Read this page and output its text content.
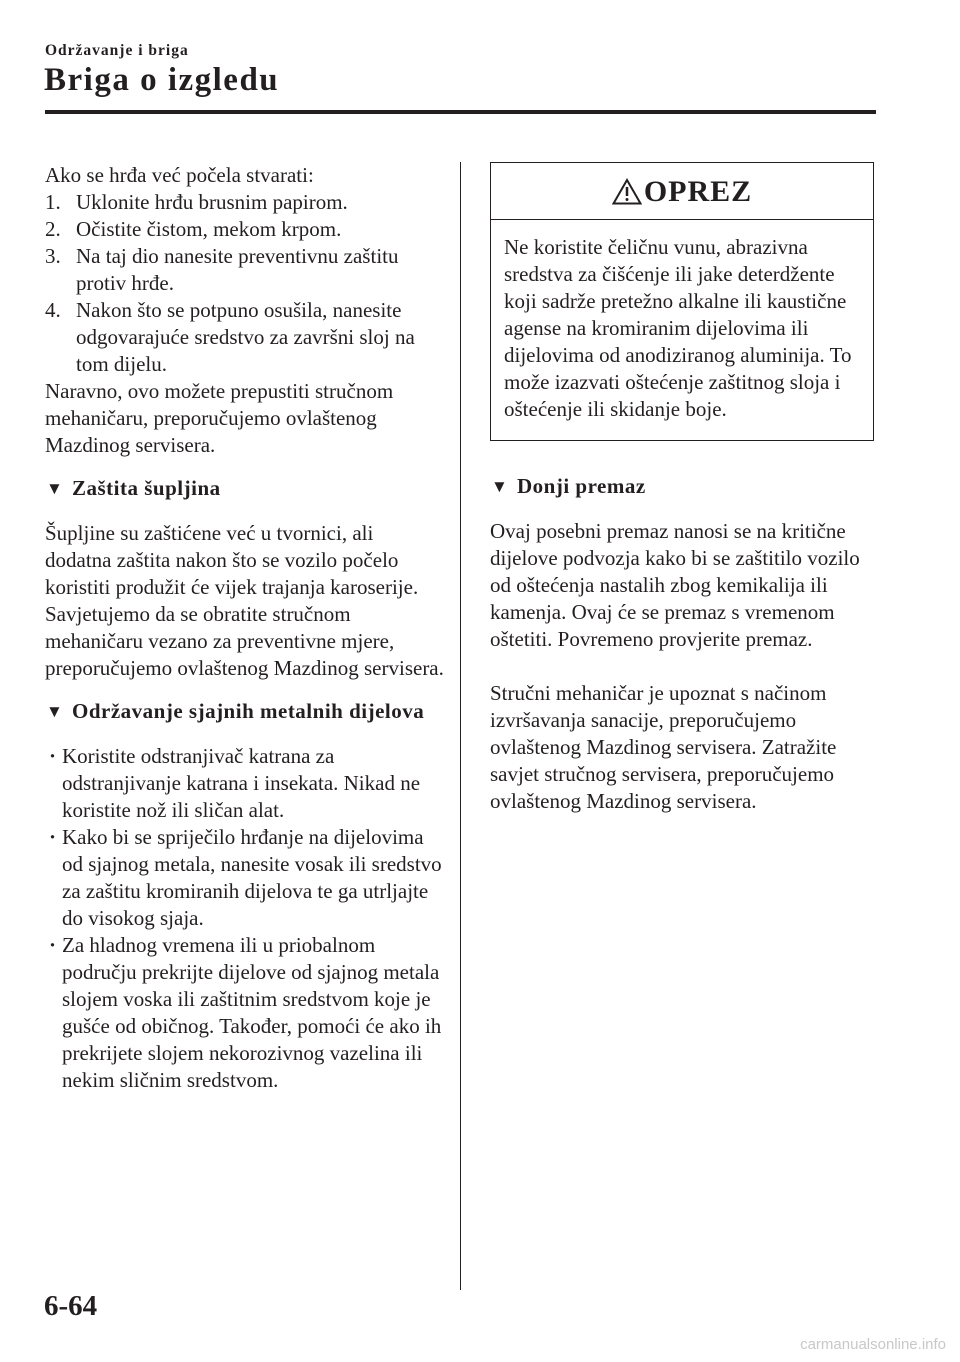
Održavanje i briga
Briga o izgledu

Ako se hrđa već počela stvarati:

1. Uklonite hrđu brusnim papirom.
2. Očistite čistom, mekom krpom.
3. Na taj dio nanesite preventivnu zaštitu protiv hrđe.
4. Nakon što se potpuno osušila, nanesite odgovarajuće sredstvo za završni sloj na tom dijelu.

Naravno, ovo možete prepustiti stručnom mehaničaru, preporučujemo ovlaštenog Mazdinog servisera.

▼ Zaštita šupljina

Šupljine su zaštićene već u tvornici, ali dodatna zaštita nakon što se vozilo počelo koristiti produžit će vijek trajanja karoserije.

Savjetujemo da se obratite stručnom mehaničaru vezano za preventivne mjere, preporučujemo ovlaštenog Mazdinog servisera.

▼ Održavanje sjajnih metalnih dijelova
· Koristite odstranjivač katrana za odstranjivanje katrana i insekata. Nikad ne koristite nož ili sličan alat.
· Kako bi se spriječilo hrđanje na dijelovima od sjajnog metala, nanesite vosak ili sredstvo za zaštitu kromiranih dijelova te ga utrljajte do visokog sjaja.
· Za hladnog vremena ili u priobalnom području prekrijte dijelove od sjajnog metala slojem voska ili zaštitnim sredstvom koje je gušće od običnog. Također, pomoći će ako ih prekrijete slojem nekorozivnog vazelina ili nekim sličnim sredstvom.
OPREZ
Ne koristite čeličnu vunu, abrazivna sredstva za čišćenje ili jake deterdžente koji sadrže pretežno alkalne ili kaustične agense na kromiranim dijelovima ili dijelovima od anodiziranog aluminija. To može izazvati oštećenje zaštitnog sloja i oštećenje ili skidanje boje.
▼ Donji premaz

Ovaj posebni premaz nanosi se na kritične dijelove podvozja kako bi se zaštitilo vozilo od oštećenja nastalih zbog kemikalija ili kamenja. Ovaj će se premaz s vremenom oštetiti. Povremeno provjerite premaz.

Stručni mehaničar je upoznat s načinom izvršavanja sanacije, preporučujemo ovlaštenog Mazdinog servisera. Zatražite savjet stručnog servisera, preporučujemo ovlaštenog Mazdinog servisera.

6-64
carmanualsonline.info
